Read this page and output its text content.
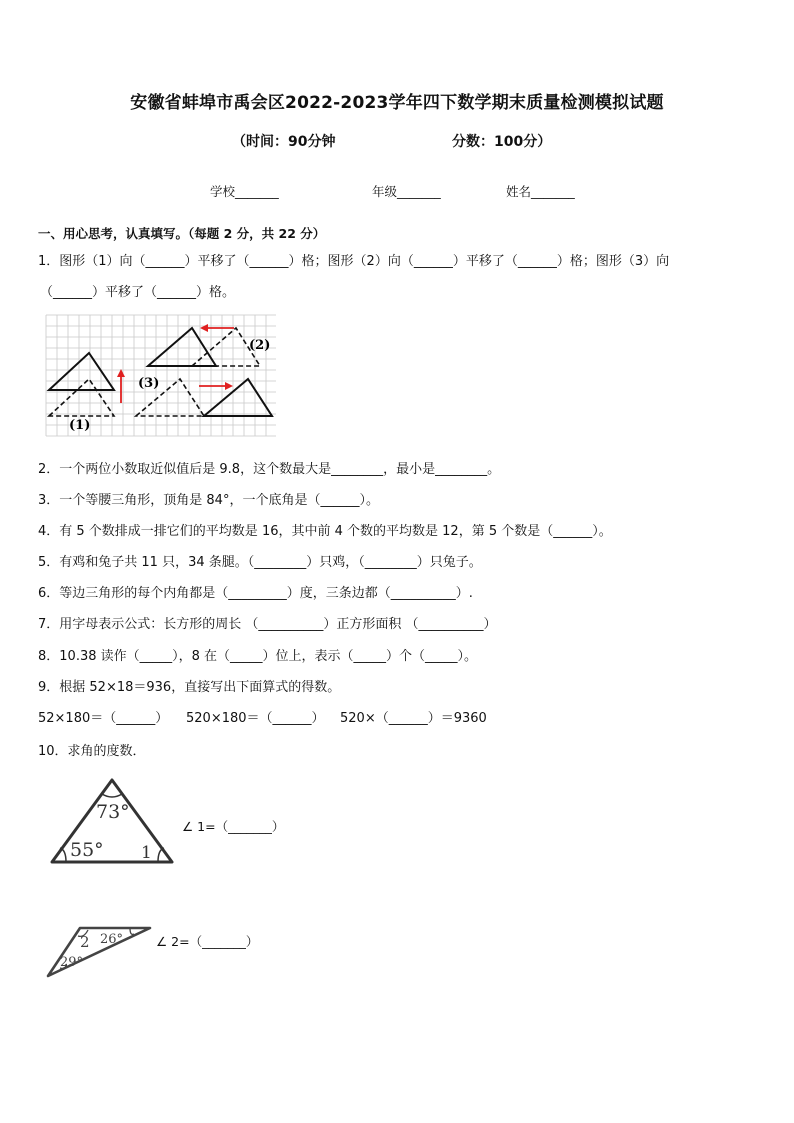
安徽省蚌埠市禹会区2022-2023学年四下数学期末质量检测模拟试题
（时间：90分钟	分数：100分）
学校_______	年级_______	姓名_______
一、用心思考，认真填写。（每题 2 分，共 22 分）
1．图形（1）向（______）平移了（______）格；图形（2）向（______）平移了（______）格；图形（3）向
（______）平移了（______）格。
(1)
(2)
(3)
2．一个两位小数取近似值后是 9.8，这个数最大是________，最小是________。
3．一个等腰三角形，顶角是 84°，一个底角是（______）。
4．有 5 个数排成一排它们的平均数是 16，其中前 4 个数的平均数是 12，第 5 个数是（______）。
5．有鸡和兔子共 11 只，34 条腿。（________）只鸡，（________）只兔子。
6．等边三角形的每个内角都是（_________）度，三条边都（__________）.
7．用字母表示公式：长方形的周长 （__________）正方形面积 （__________）
8．10.38 读作（_____），8 在（_____）位上，表示（_____）个（_____）。
9．根据 52×18＝936，直接写出下面算式的得数。
52×180＝（______） 520×180＝（______） 520×（______）＝9360
10．求角的度数．
73°
55° 1
∠ 1=（_______）
2 26°
29°
∠ 2=（_______）
